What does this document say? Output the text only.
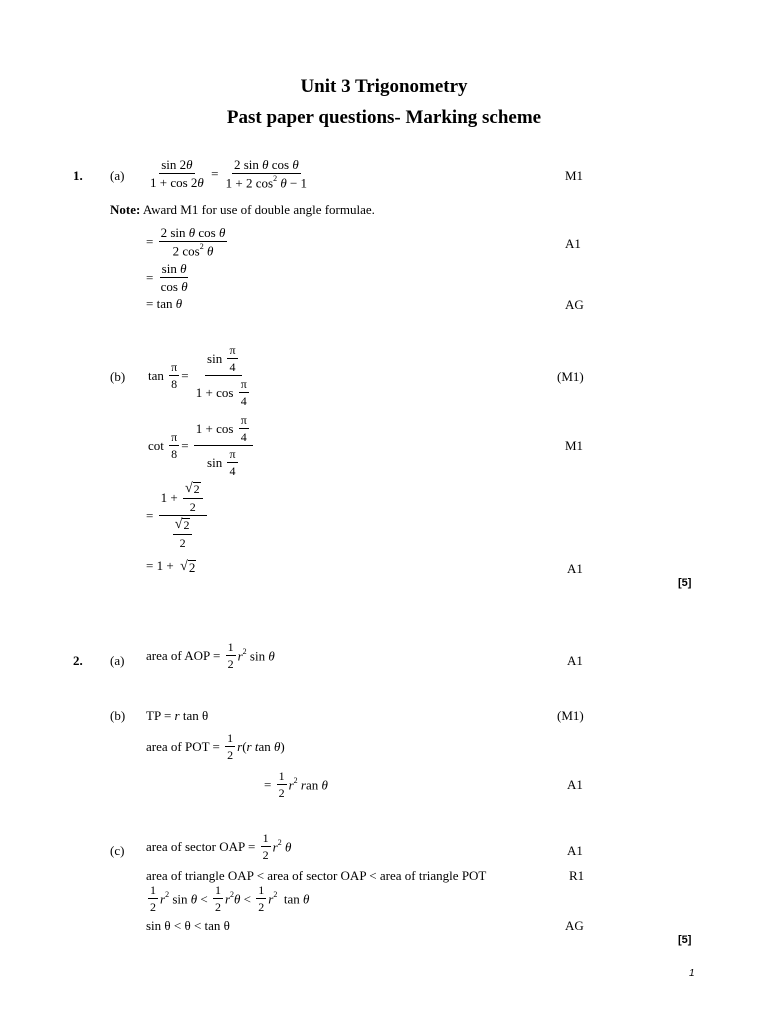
Unit 3 Trigonometry
Past paper questions- Marking scheme
1. $(a) \frac{\sin 2\theta}{1 + \cos 2\theta} = \frac{\text{2 sin θ cos θ}}{1 + 2 \cos^2 \theta - 1}$	M1
Note: Award M1 for use of double angle formulae.
= $\frac{\text{2 sin θ cos θ}}{2 \cos^2 \theta}$	A1
= $\frac{\text{sin θ}}{\text{cos θ}}$
= tan θ	AG
(b) $\tan \frac{\pi}{8} = \frac{\sin \frac{\pi}{4}}{1 + \cos \frac{\pi}{4}}$	(M1)
$\cot \frac{\pi}{8} = \frac{1 + \cos \frac{\pi}{4}}{\sin \frac{\pi}{4}}$	M1
= $\frac{1 + \frac{√ 2}{2}}{\frac{√ 2}{2}}$
= 1 + √ 2	A1
[5]
2. (a) area of AOP =
$\frac{1}{2} r^2$ sin θ	A1
(b) TP = r tan θ	(M1)
area of POT =
$\frac{1}{2} r(r$ tan θ)
= $\frac{1}{2} r^2$ ran θ	A1
(c) area of sector OAP =
$\frac{1}{2} r^2$ θ	A1
area of triangle OAP < area of sector OAP < area of triangle POT	R1
$\frac{1}{2} r^2$ $\sin \theta < \frac{1}{2} r^2\theta < \frac{1}{2} r^2$  tan θ
sin θ < θ < tan θ	AG
[5]
1
